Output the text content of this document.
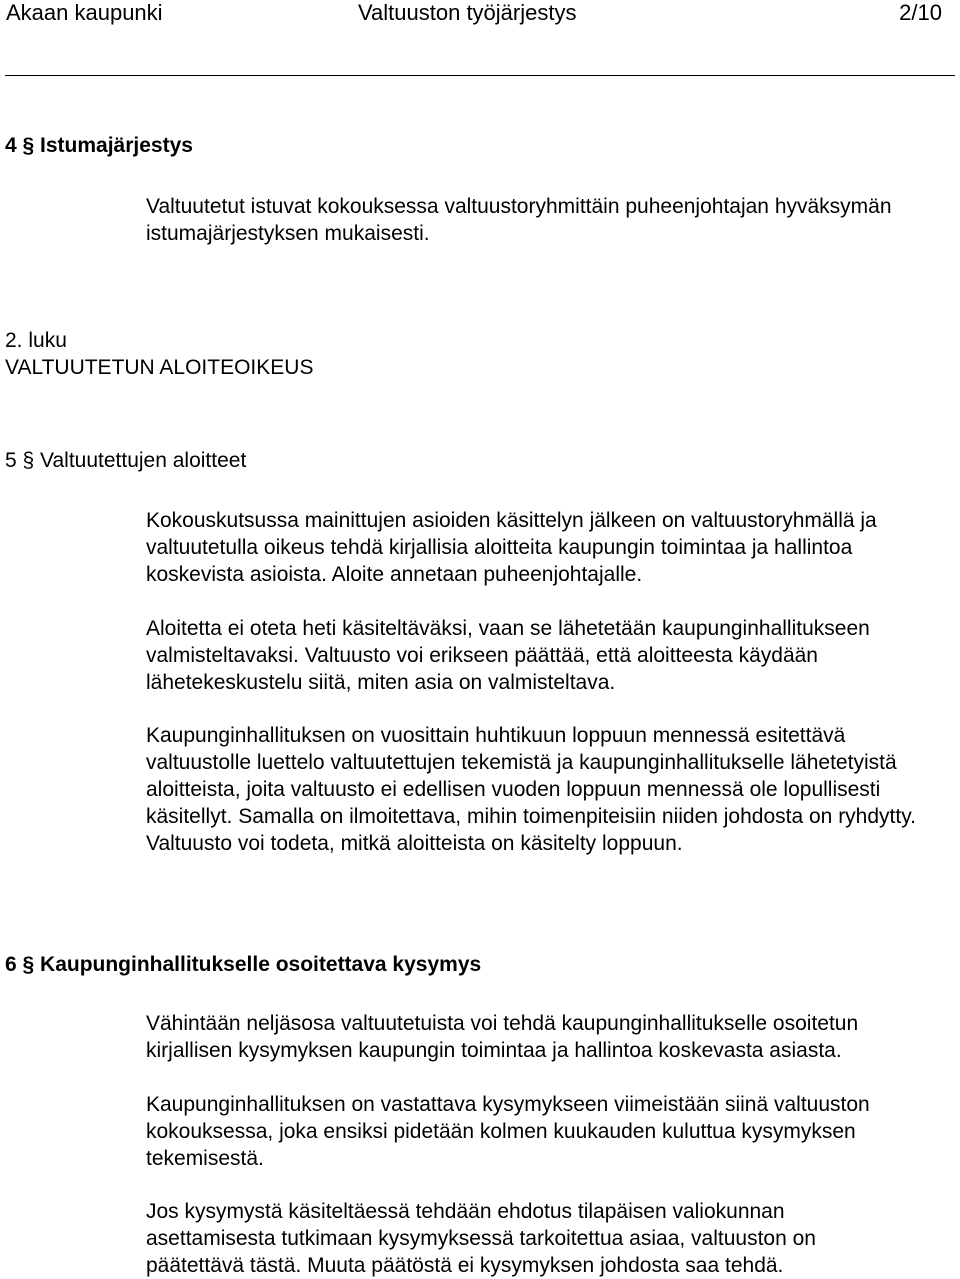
Akaan kaupunki	Valtuuston työjärjestys	2/10
4 § Istumajärjestys

Valtuutetut istuvat kokouksessa valtuustoryhmittäin puheenjohtajan hyväksymän istumajärjestyksen mukaisesti.

2. luku
VALTUUTETUN ALOITEOIKEUS
5 § Valtuutettujen aloitteet

Kokouskutsussa mainittujen asioiden käsittelyn jälkeen on valtuustoryhmällä ja valtuutetulla oikeus tehdä kirjallisia aloitteita kaupungin toimintaa ja hallintoa koskevista asioista. Aloite annetaan puheenjohtajalle.

Aloitetta ei oteta heti käsiteltäväksi, vaan se lähetetään kaupunginhallitukseen valmisteltavaksi. Valtuusto voi erikseen päättää, että aloitteesta käydään lähetekeskustelu siitä, miten asia on valmisteltava.

Kaupunginhallituksen on vuosittain huhtikuun loppuun mennessä esitettävä valtuustolle luettelo valtuutettujen tekemistä ja kaupunginhallitukselle lähetetyistä aloitteista, joita valtuusto ei edellisen vuoden loppuun mennessä ole lopullisesti käsitellyt. Samalla on ilmoitettava, mihin toimenpiteisiin niiden johdosta on ryhdytty. Valtuusto voi todeta, mitkä aloitteista on käsitelty loppuun.

6 § Kaupunginhallitukselle osoitettava kysymys

Vähintään neljäsosa valtuutetuista voi tehdä kaupunginhallitukselle osoitetun kirjallisen kysymyksen kaupungin toimintaa ja hallintoa koskevasta asiasta.

Kaupunginhallituksen on vastattava kysymykseen viimeistään siinä valtuuston kokouksessa, joka ensiksi pidetään kolmen kuukauden kuluttua kysymyksen tekemisestä.

Jos kysymystä käsiteltäessä tehdään ehdotus tilapäisen valiokunnan asettamisesta tutkimaan kysymyksessä tarkoitettua asiaa, valtuuston on päätettävä tästä. Muuta päätöstä ei kysymyksen johdosta saa tehdä.
